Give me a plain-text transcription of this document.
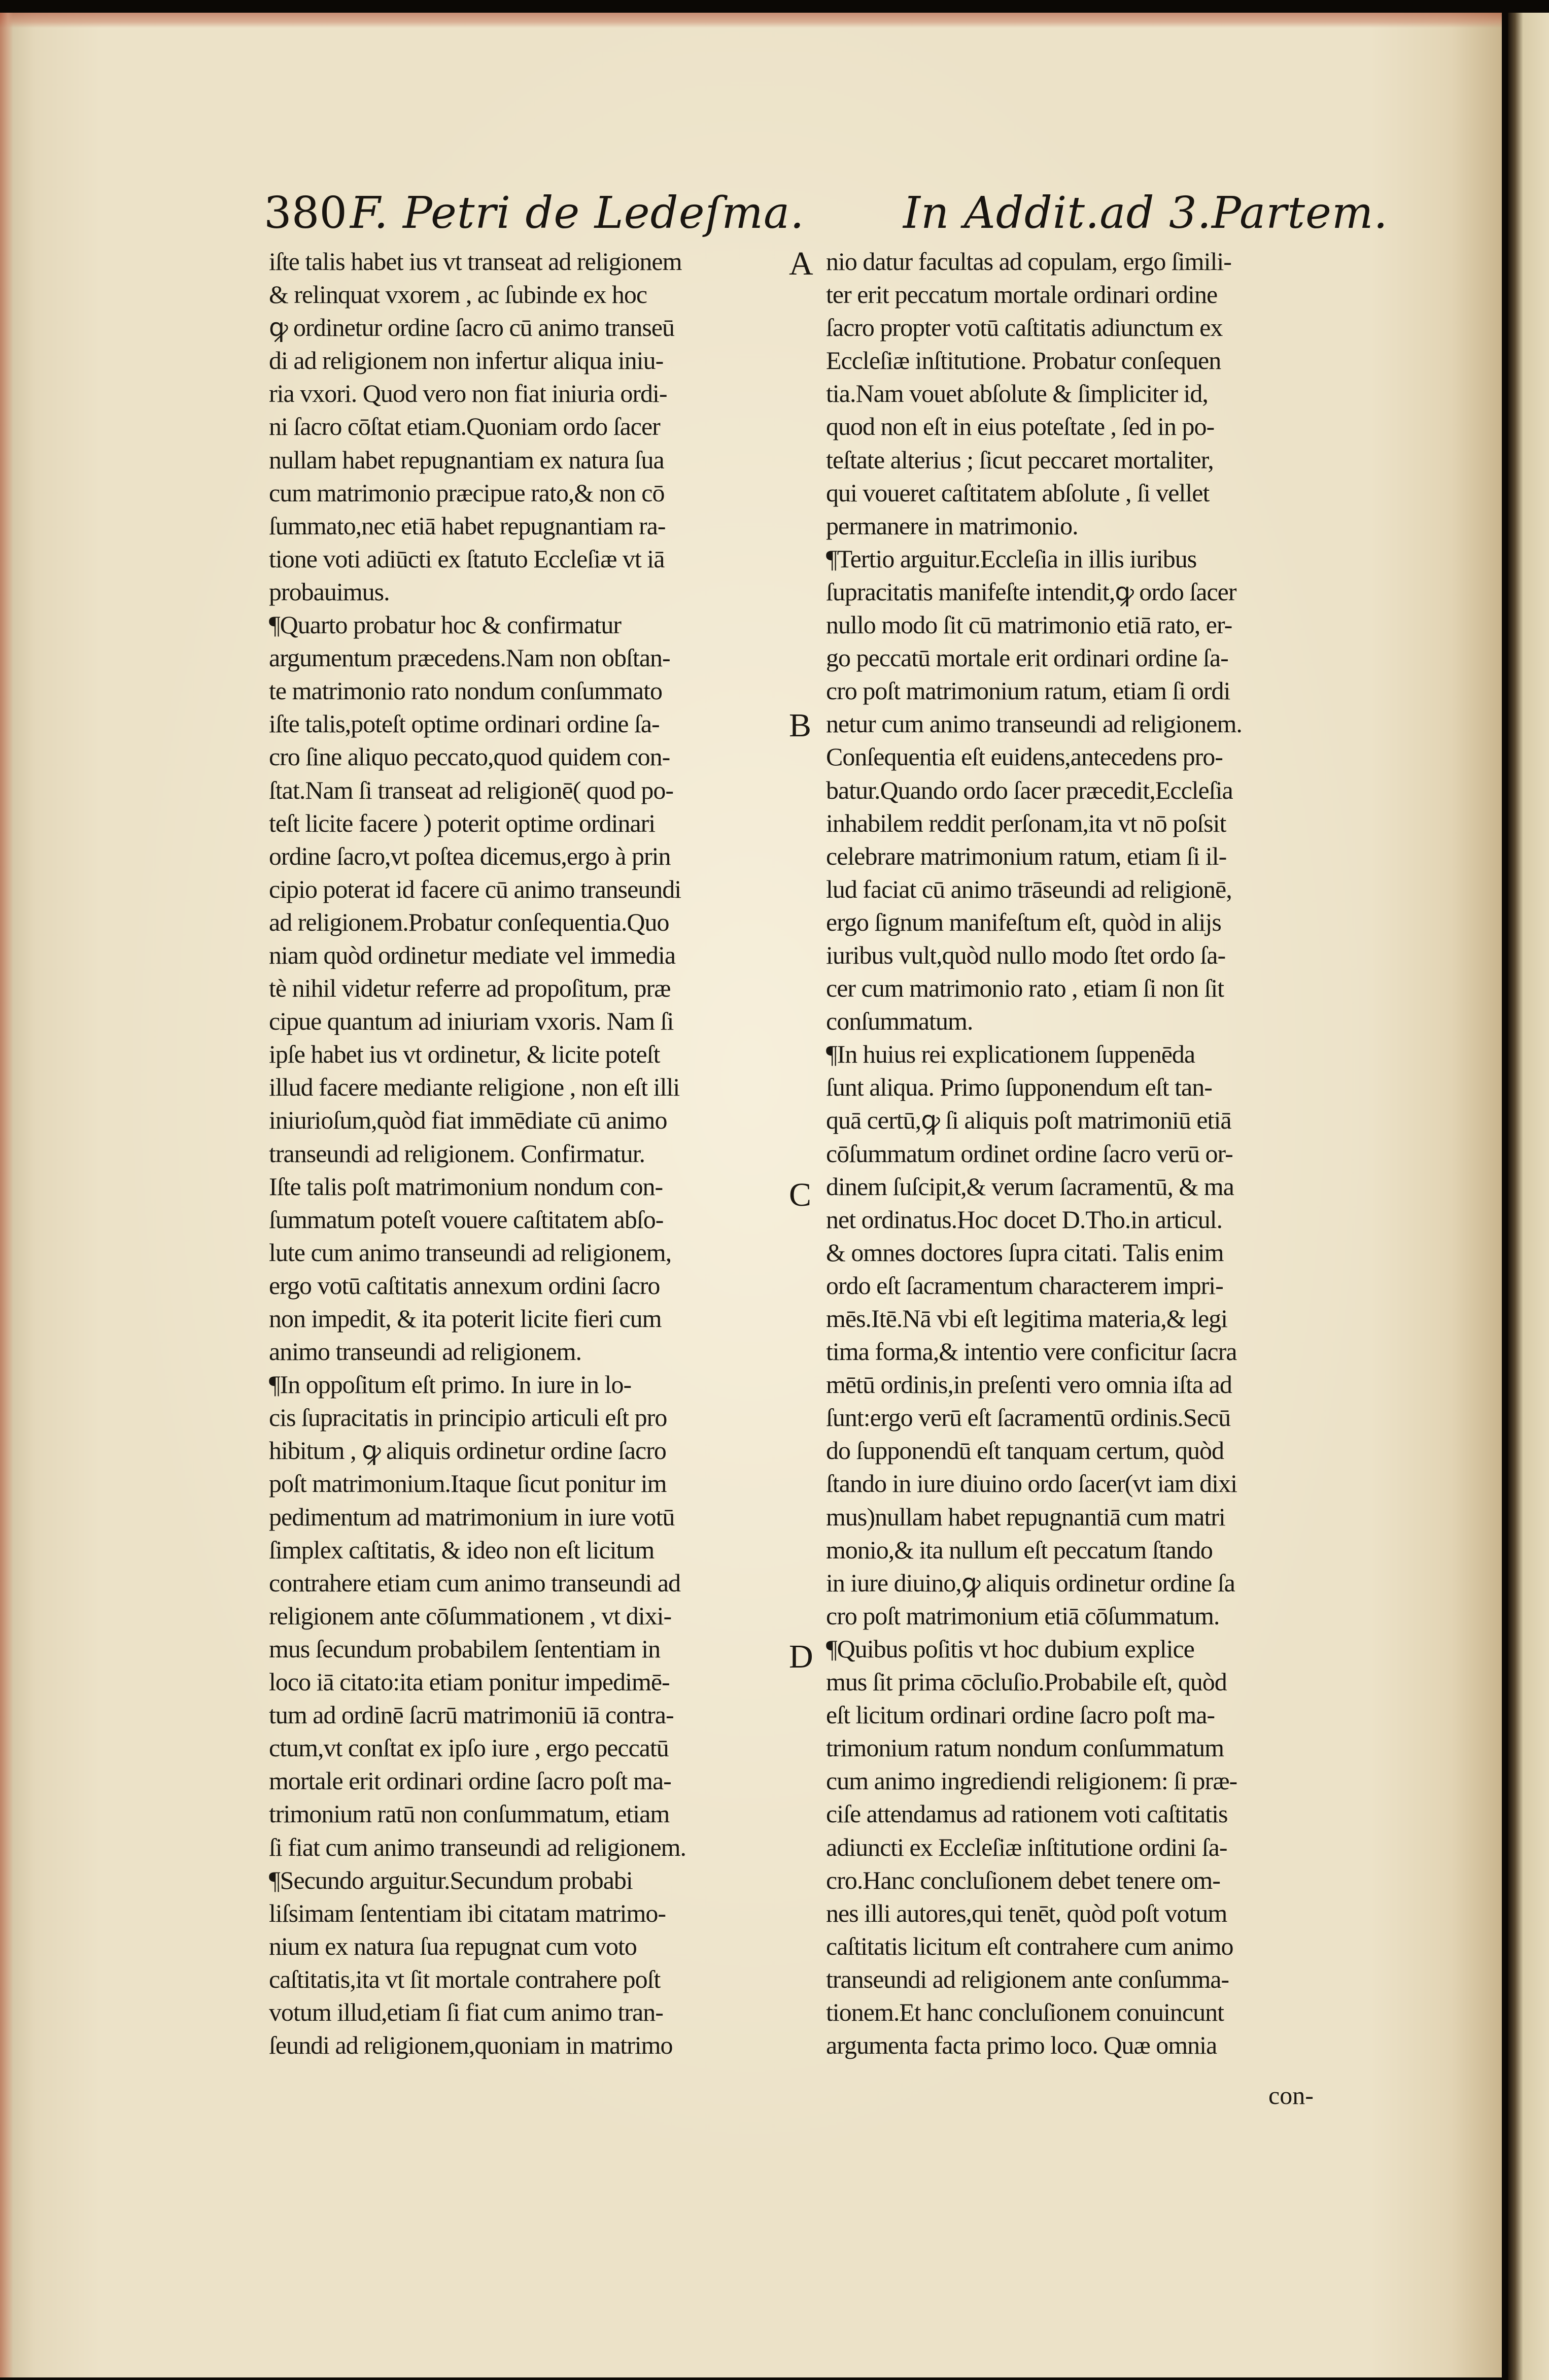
380 F. Petri de Ledeſma. In Addit.ad 3.Partem.
iſte talis habet ius vt transeat ad religionem
& relinquat vxorem , ac ſubinde ex hoc
ꝙ ordinetur ordine ſacro cū animo transeū
di ad religionem non infertur aliqua iniu-
ria vxori. Quod vero non fiat iniuria ordi-
ni ſacro cōſtat etiam.Quoniam ordo ſacer
nullam habet repugnantiam ex natura ſua
cum matrimonio præcipue rato,& non cō
ſummato,nec etiā habet repugnantiam ra-
tione voti adiūcti ex ſtatuto Eccleſiæ vt iā
probauimus.
¶Quarto probatur hoc & confirmatur
argumentum præcedens.Nam non obſtan-
te matrimonio rato nondum conſummato
iſte talis,poteſt optime ordinari ordine ſa-
cro ſine aliquo peccato,quod quidem con-
ſtat.Nam ſi transeat ad religionē( quod po-
teſt licite facere ) poterit optime ordinari
ordine ſacro,vt poſtea dicemus,ergo à prin
cipio poterat id facere cū animo transeundi
ad religionem.Probatur conſequentia.Quo
niam quòd ordinetur mediate vel immedia
tè nihil videtur referre ad propoſitum, præ
cipue quantum ad iniuriam vxoris. Nam ſi
ipſe habet ius vt ordinetur, & licite poteſt
illud facere mediante religione , non eſt illi
iniurioſum,quòd fiat immēdiate cū animo
transeundi ad religionem. Confirmatur.
Iſte talis poſt matrimonium nondum con-
ſummatum poteſt vouere caſtitatem abſo-
lute cum animo transeundi ad religionem,
ergo votū caſtitatis annexum ordini ſacro
non impedit, & ita poterit licite fieri cum
animo transeundi ad religionem.
¶In oppoſitum eſt primo. In iure in lo-
cis ſupracitatis in principio articuli eſt pro
hibitum , ꝙ aliquis ordinetur ordine ſacro
poſt matrimonium.Itaque ſicut ponitur im
pedimentum ad matrimonium in iure votū
ſimplex caſtitatis, & ideo non eſt licitum
contrahere etiam cum animo transeundi ad
religionem ante cōſummationem , vt dixi-
mus ſecundum probabilem ſententiam in
loco iā citato:ita etiam ponitur impedimē-
tum ad ordinē ſacrū matrimoniū iā contra-
ctum,vt conſtat ex ipſo iure , ergo peccatū
mortale erit ordinari ordine ſacro poſt ma-
trimonium ratū non conſummatum, etiam
ſi fiat cum animo transeundi ad religionem.
¶Secundo arguitur.Secundum probabi
liſsimam ſententiam ibi citatam matrimo-
nium ex natura ſua repugnat cum voto
caſtitatis,ita vt ſit mortale contrahere poſt
votum illud,etiam ſi fiat cum animo tran-
ſeundi ad religionem,quoniam in matrimo
nio datur facultas ad copulam, ergo ſimili-
ter erit peccatum mortale ordinari ordine
ſacro propter votū caſtitatis adiunctum ex
Eccleſiæ inſtitutione. Probatur conſequen
tia.Nam vouet abſolute & ſimpliciter id,
quod non eſt in eius poteſtate , ſed in po-
teſtate alterius ; ſicut peccaret mortaliter,
qui voueret caſtitatem abſolute , ſi vellet
permanere in matrimonio.
¶Tertio arguitur.Eccleſia in illis iuribus
ſupracitatis manifeſte intendit,ꝙ ordo ſacer
nullo modo ſit cū matrimonio etiā rato, er-
go peccatū mortale erit ordinari ordine ſa-
cro poſt matrimonium ratum, etiam ſi ordi
netur cum animo transeundi ad religionem.
Conſequentia eſt euidens,antecedens pro-
batur.Quando ordo ſacer præcedit,Eccleſia
inhabilem reddit perſonam,ita vt nō poſsit
celebrare matrimonium ratum, etiam ſi il-
lud faciat cū animo trāseundi ad religionē,
ergo ſignum manifeſtum eſt, quòd in alijs
iuribus vult,quòd nullo modo ſtet ordo ſa-
cer cum matrimonio rato , etiam ſi non ſit
conſummatum.
¶In huius rei explicationem ſuppenēda
ſunt aliqua. Primo ſupponendum eſt tan-
quā certū,ꝙ ſi aliquis poſt matrimoniū etiā
cōſummatum ordinet ordine ſacro verū or-
dinem ſuſcipit,& verum ſacramentū, & ma
net ordinatus.Hoc docet D.Tho.in articul.
& omnes doctores ſupra citati. Talis enim
ordo eſt ſacramentum characterem impri-
mēs.Itē.Nā vbi eſt legitima materia,& legi
tima forma,& intentio vere conficitur ſacra
mētū ordinis,in preſenti vero omnia iſta ad
ſunt:ergo verū eſt ſacramentū ordinis.Secū
do ſupponendū eſt tanquam certum, quòd
ſtando in iure diuino ordo ſacer(vt iam dixi
mus)nullam habet repugnantiā cum matri
monio,& ita nullum eſt peccatum ſtando
in iure diuino,ꝙ aliquis ordinetur ordine ſa
cro poſt matrimonium etiā cōſummatum.
¶Quibus poſitis vt hoc dubium explice
mus ſit prima cōcluſio.Probabile eſt, quòd
eſt licitum ordinari ordine ſacro poſt ma-
trimonium ratum nondum conſummatum
cum animo ingrediendi religionem: ſi præ-
ciſe attendamus ad rationem voti caſtitatis
adiuncti ex Eccleſiæ inſtitutione ordini ſa-
cro.Hanc concluſionem debet tenere om-
nes illi autores,qui tenēt, quòd poſt votum
caſtitatis licitum eſt contrahere cum animo
transeundi ad religionem ante conſumma-
tionem.Et hanc concluſionem conuincunt
argumenta facta primo loco. Quæ omnia
A
B
C
D
con-
